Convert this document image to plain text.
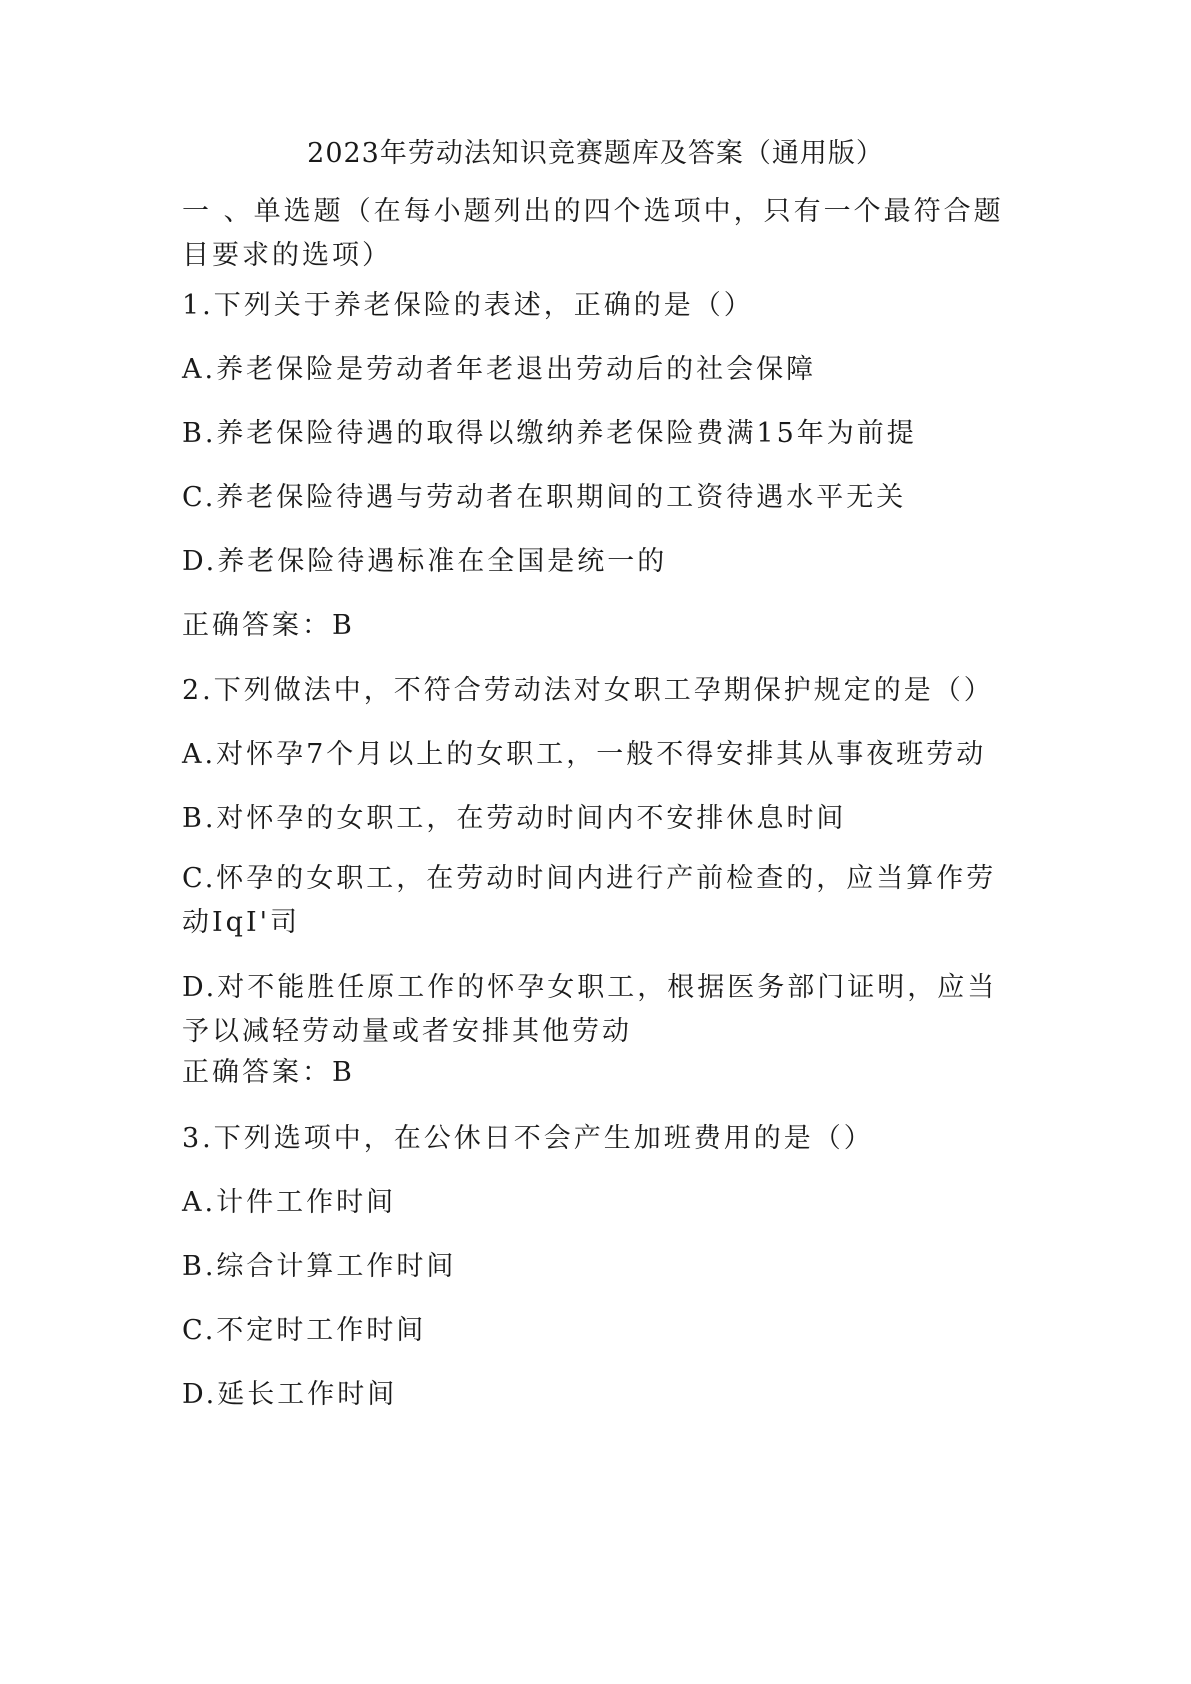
2023年劳动法知识竞赛题库及答案（通用版）
一 、单选题（在每小题列出的四个选项中，只有一个最符合题目要求的选项）
1.下列关于养老保险的表述，正确的是（）
A.养老保险是劳动者年老退出劳动后的社会保障
B.养老保险待遇的取得以缴纳养老保险费满15年为前提
C.养老保险待遇与劳动者在职期间的工资待遇水平无关
D.养老保险待遇标准在全国是统一的
正确答案：B
2.下列做法中，不符合劳动法对女职工孕期保护规定的是（）
A.对怀孕7个月以上的女职工，一般不得安排其从事夜班劳动
B.对怀孕的女职工，在劳动时间内不安排休息时间
C.怀孕的女职工，在劳动时间内进行产前检查的，应当算作劳动IqI'司
D.对不能胜任原工作的怀孕女职工，根据医务部门证明，应当予以减轻劳动量或者安排其他劳动
正确答案：B
3.下列选项中，在公休日不会产生加班费用的是（）
A.计件工作时间
B.综合计算工作时间
C.不定时工作时间
D.延长工作时间
